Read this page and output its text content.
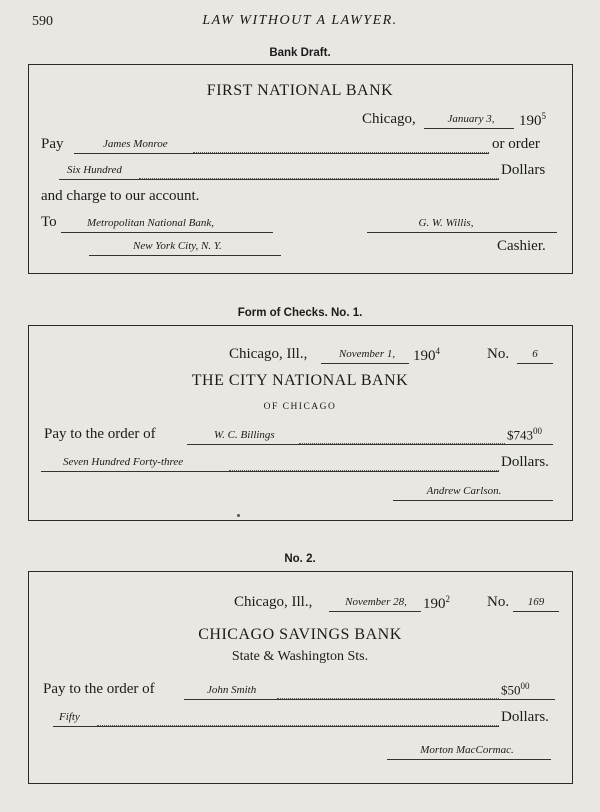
590	LAW WITHOUT A LAWYER.
Bank Draft.
FIRST NATIONAL BANK
Chicago,	January 3,	$190^5$
Pay	James Monroe	or order
Six Hundred	Dollars
and charge to our account.
To	Metropolitan National Bank,	G. W. Willis,
New York City, N. Y.	Cashier.
Form of Checks. No. 1.
Chicago, Ill.,	November 1,	$190^4$	No.	6
THE CITY NATIONAL BANK
OF CHICAGO
Pay to the order of	W. C. Billings	$\$743^{00}$
Seven Hundred Forty-three	Dollars.
Andrew Carlson.
No. 2.
Chicago, Ill.,	November 28,	$190^2$ No.	169
CHICAGO SAVINGS BANK
State & Washington Sts.
Pay to the order of	John Smith	$\$50^{00}$
Fifty	Dollars.
Morton MacCormac.
